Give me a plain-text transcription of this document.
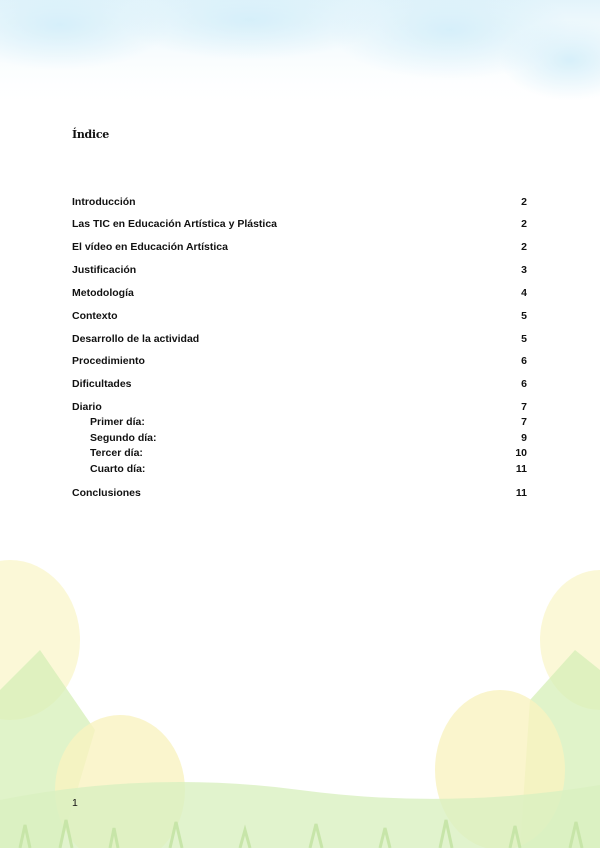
Índice
Introducción	2
Las TIC en Educación Artística y Plástica	2
El vídeo en Educación Artística	2
Justificación	3
Metodología	4
Contexto	5
Desarrollo de la actividad	5
Procedimiento	6
Dificultades	6
Diario	7
Primer día:	7
Segundo día:	9
Tercer día:	10
Cuarto día:	11
Conclusiones	11
1
